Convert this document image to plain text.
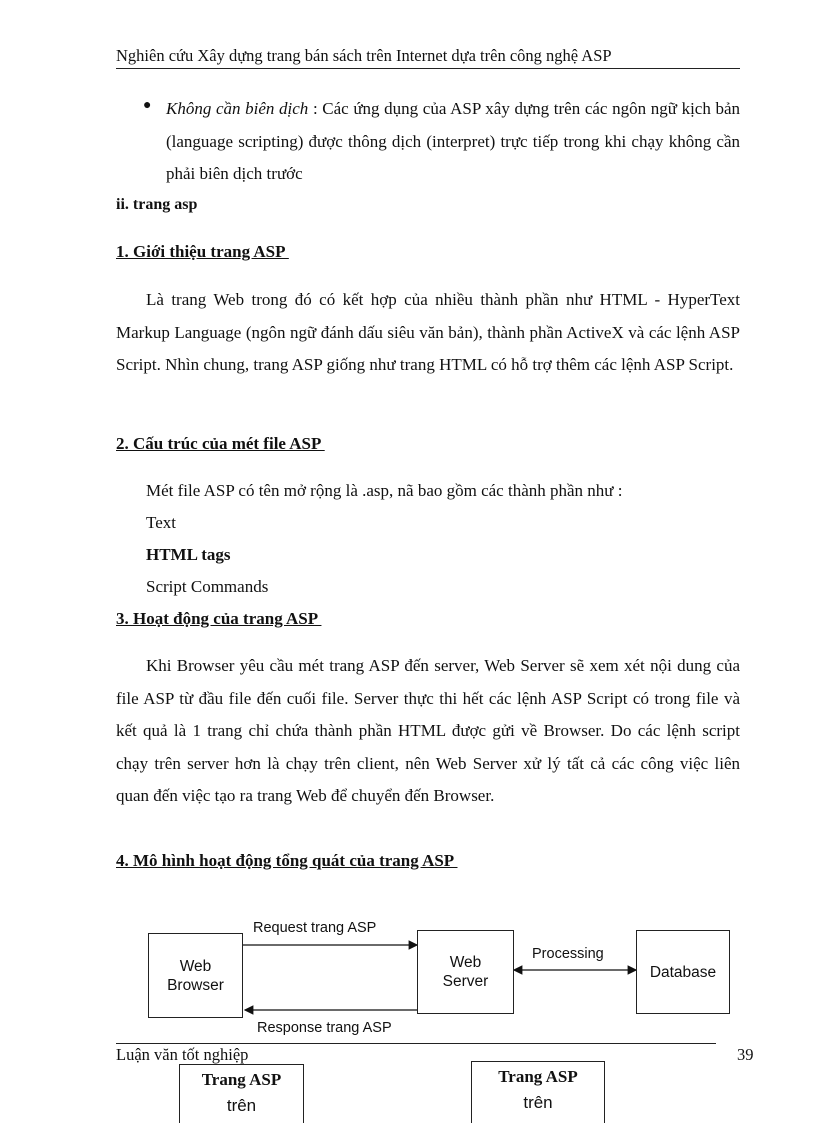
Nghiên cứu Xây dựng trang bán sách trên Internet dựa trên công nghệ ASP
● Không cần biên dịch : Các ứng dụng của ASP xây dựng trên các ngôn ngữ kịch bản (language scripting) được thông dịch (interpret) trực tiếp trong khi chạy không cần phải biên dịch trước
ii. trang asp
1. Giới thiệu trang ASP
Là trang Web trong đó có kết hợp của nhiều thành phần như HTML - HyperText Markup Language (ngôn ngữ đánh dấu siêu văn bản), thành phần ActiveX và các lệnh ASP Script. Nhìn chung, trang ASP giống như trang HTML có hỗ trợ thêm các lệnh ASP Script.
2. Cấu trúc của mét file ASP
Mét file ASP có tên mở rộng là .asp, nã bao gồm các thành phần như :
Text
HTML tags
Script Commands
3. Hoạt động của trang ASP
Khi Browser yêu cầu mét trang ASP đến server, Web Server sẽ xem xét nội dung của file ASP từ đầu file đến cuối file. Server thực thi hết các lệnh ASP Script có trong file và kết quả là 1 trang chỉ chứa thành phần HTML được gửi về Browser. Do các lệnh script chạy trên server hơn là chạy trên client, nên Web Server xử lý tất cả các công việc liên quan đến việc tạo ra trang Web để chuyển đến Browser.
4. Mô hình hoạt động tổng quát của trang ASP
Web
Browser
Web
Server
Database
Request trang ASP
Processing
Response trang ASP
Luận văn tốt nghiệp	39
Trang ASP
trên
Trang ASP
trên
